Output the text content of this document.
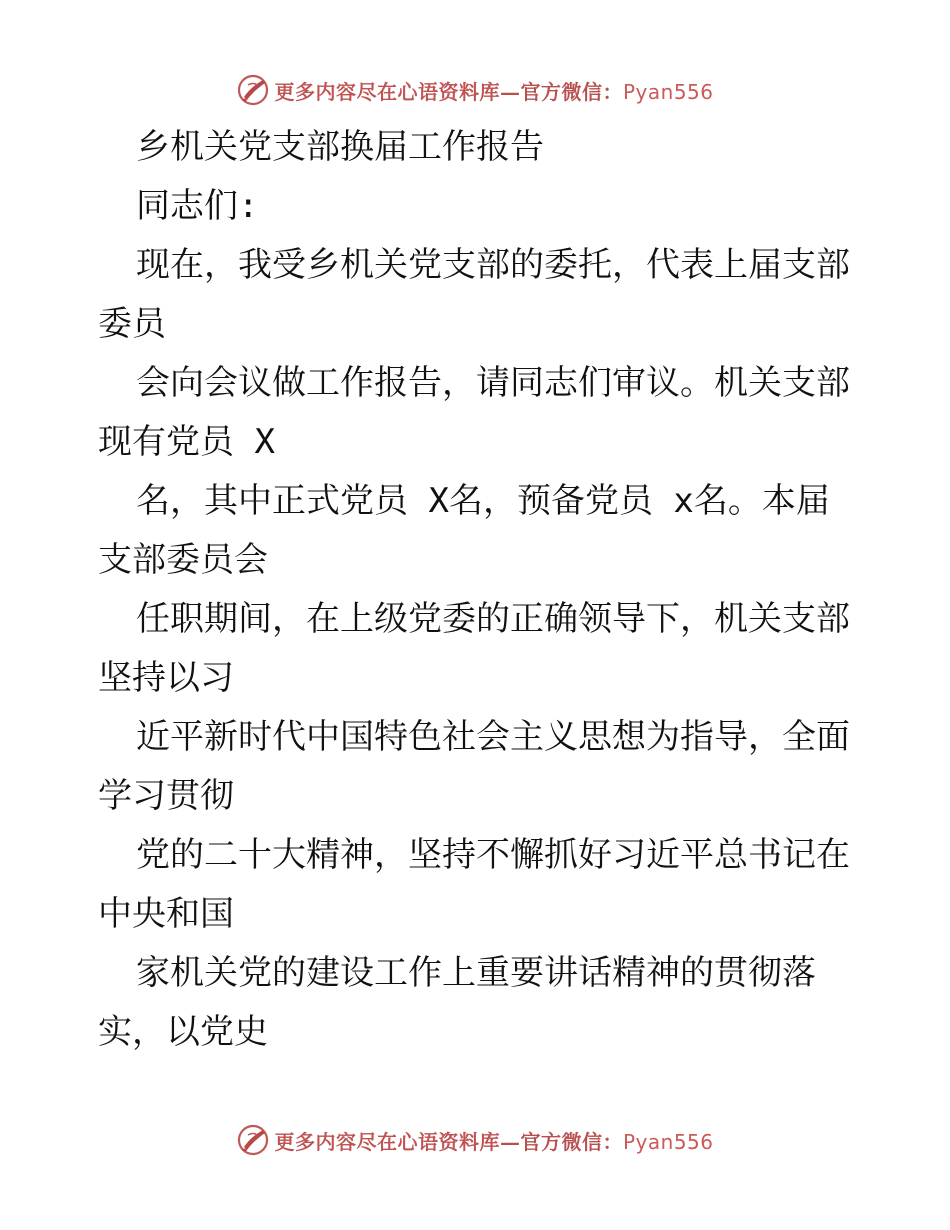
更多内容尽在心语资料库—官方微信：Pyan556
乡机关党支部换届工作报告
同志们:
现在，我受乡机关党支部的委托，代表上届支部
委员
会向会议做工作报告，请同志们审议。机关支部
现有党员 X
名，其中正式党员 X名，预备党员 x名。本届
支部委员会
任职期间，在上级党委的正确领导下，机关支部
坚持以习
近平新时代中国特色社会主义思想为指导，全面
学习贯彻
党的二十大精神，坚持不懈抓好习近平总书记在
中央和国
家机关党的建设工作上重要讲话精神的贯彻落
实，以党史
更多内容尽在心语资料库—官方微信：Pyan556
